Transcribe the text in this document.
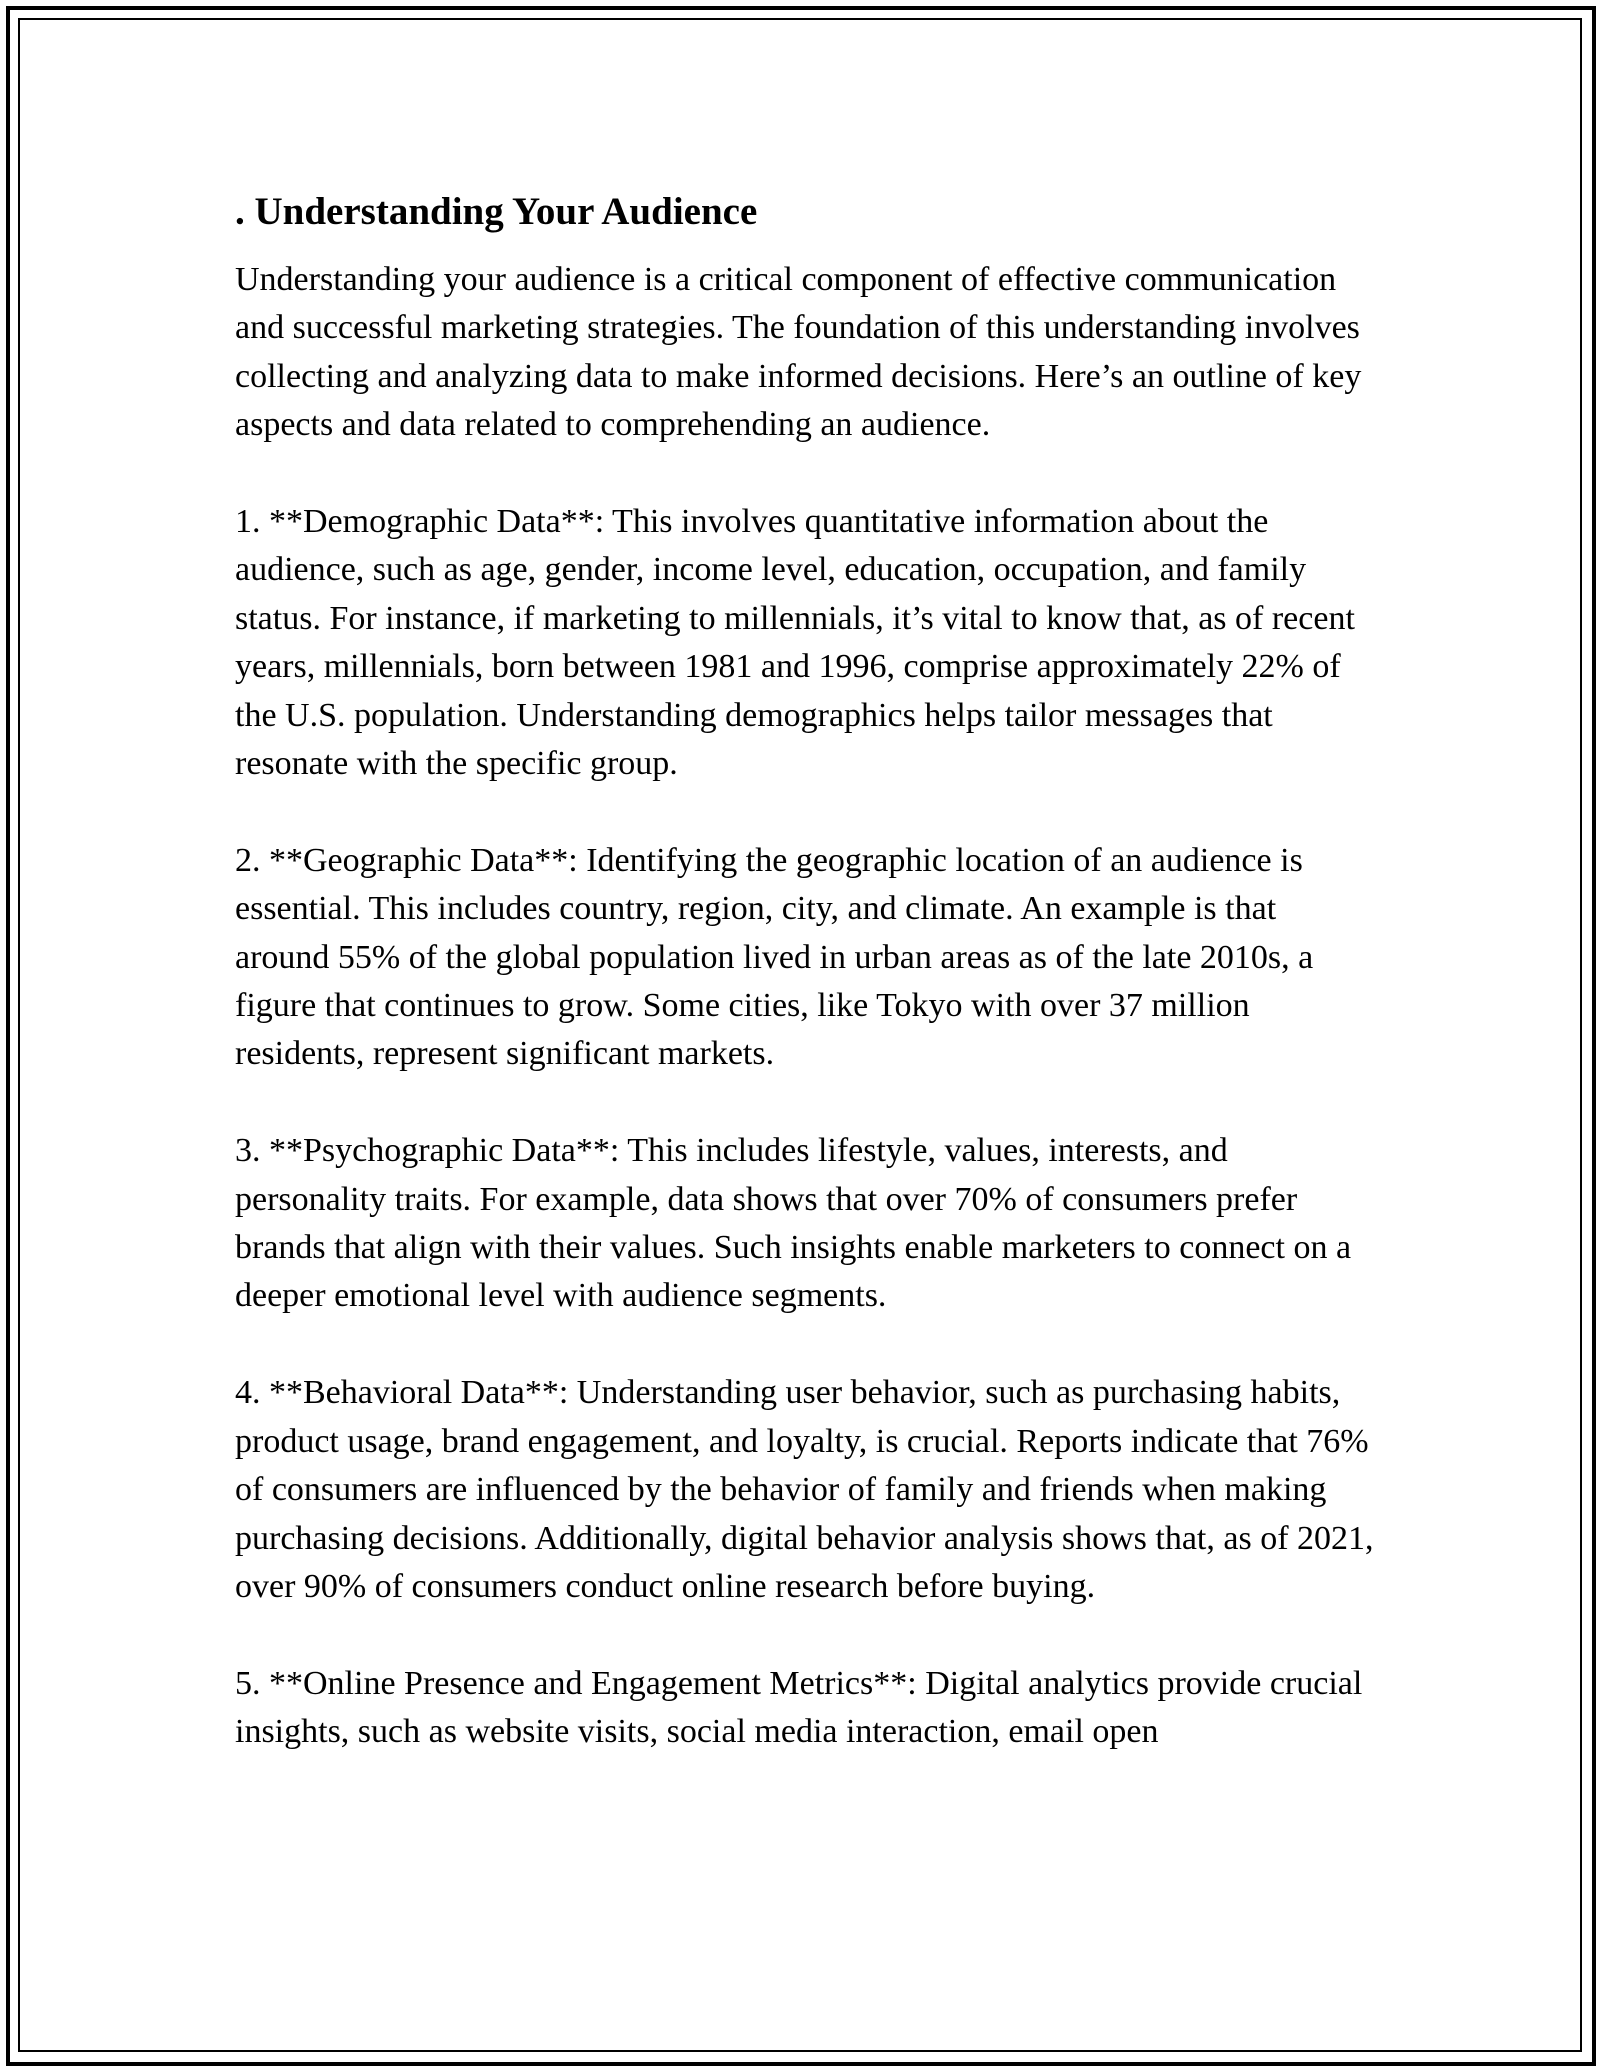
. Understanding Your Audience

Understanding your audience is a critical component of effective communication and successful marketing strategies. The foundation of this understanding involves collecting and analyzing data to make informed decisions. Here’s an outline of key aspects and data related to comprehending an audience.

1. **Demographic Data**: This involves quantitative information about the audience, such as age, gender, income level, education, occupation, and family status. For instance, if marketing to millennials, it’s vital to know that, as of recent years, millennials, born between 1981 and 1996, comprise approximately 22% of the U.S. population. Understanding demographics helps tailor messages that resonate with the specific group.

2. **Geographic Data**: Identifying the geographic location of an audience is essential. This includes country, region, city, and climate. An example is that around 55% of the global population lived in urban areas as of the late 2010s, a figure that continues to grow. Some cities, like Tokyo with over 37 million residents, represent significant markets.

3. **Psychographic Data**: This includes lifestyle, values, interests, and personality traits. For example, data shows that over 70% of consumers prefer brands that align with their values. Such insights enable marketers to connect on a deeper emotional level with audience segments.

4. **Behavioral Data**: Understanding user behavior, such as purchasing habits, product usage, brand engagement, and loyalty, is crucial. Reports indicate that 76% of consumers are influenced by the behavior of family and friends when making purchasing decisions. Additionally, digital behavior analysis shows that, as of 2021, over 90% of consumers conduct online research before buying.

5. **Online Presence and Engagement Metrics**: Digital analytics provide crucial insights, such as website visits, social media interaction, email open
